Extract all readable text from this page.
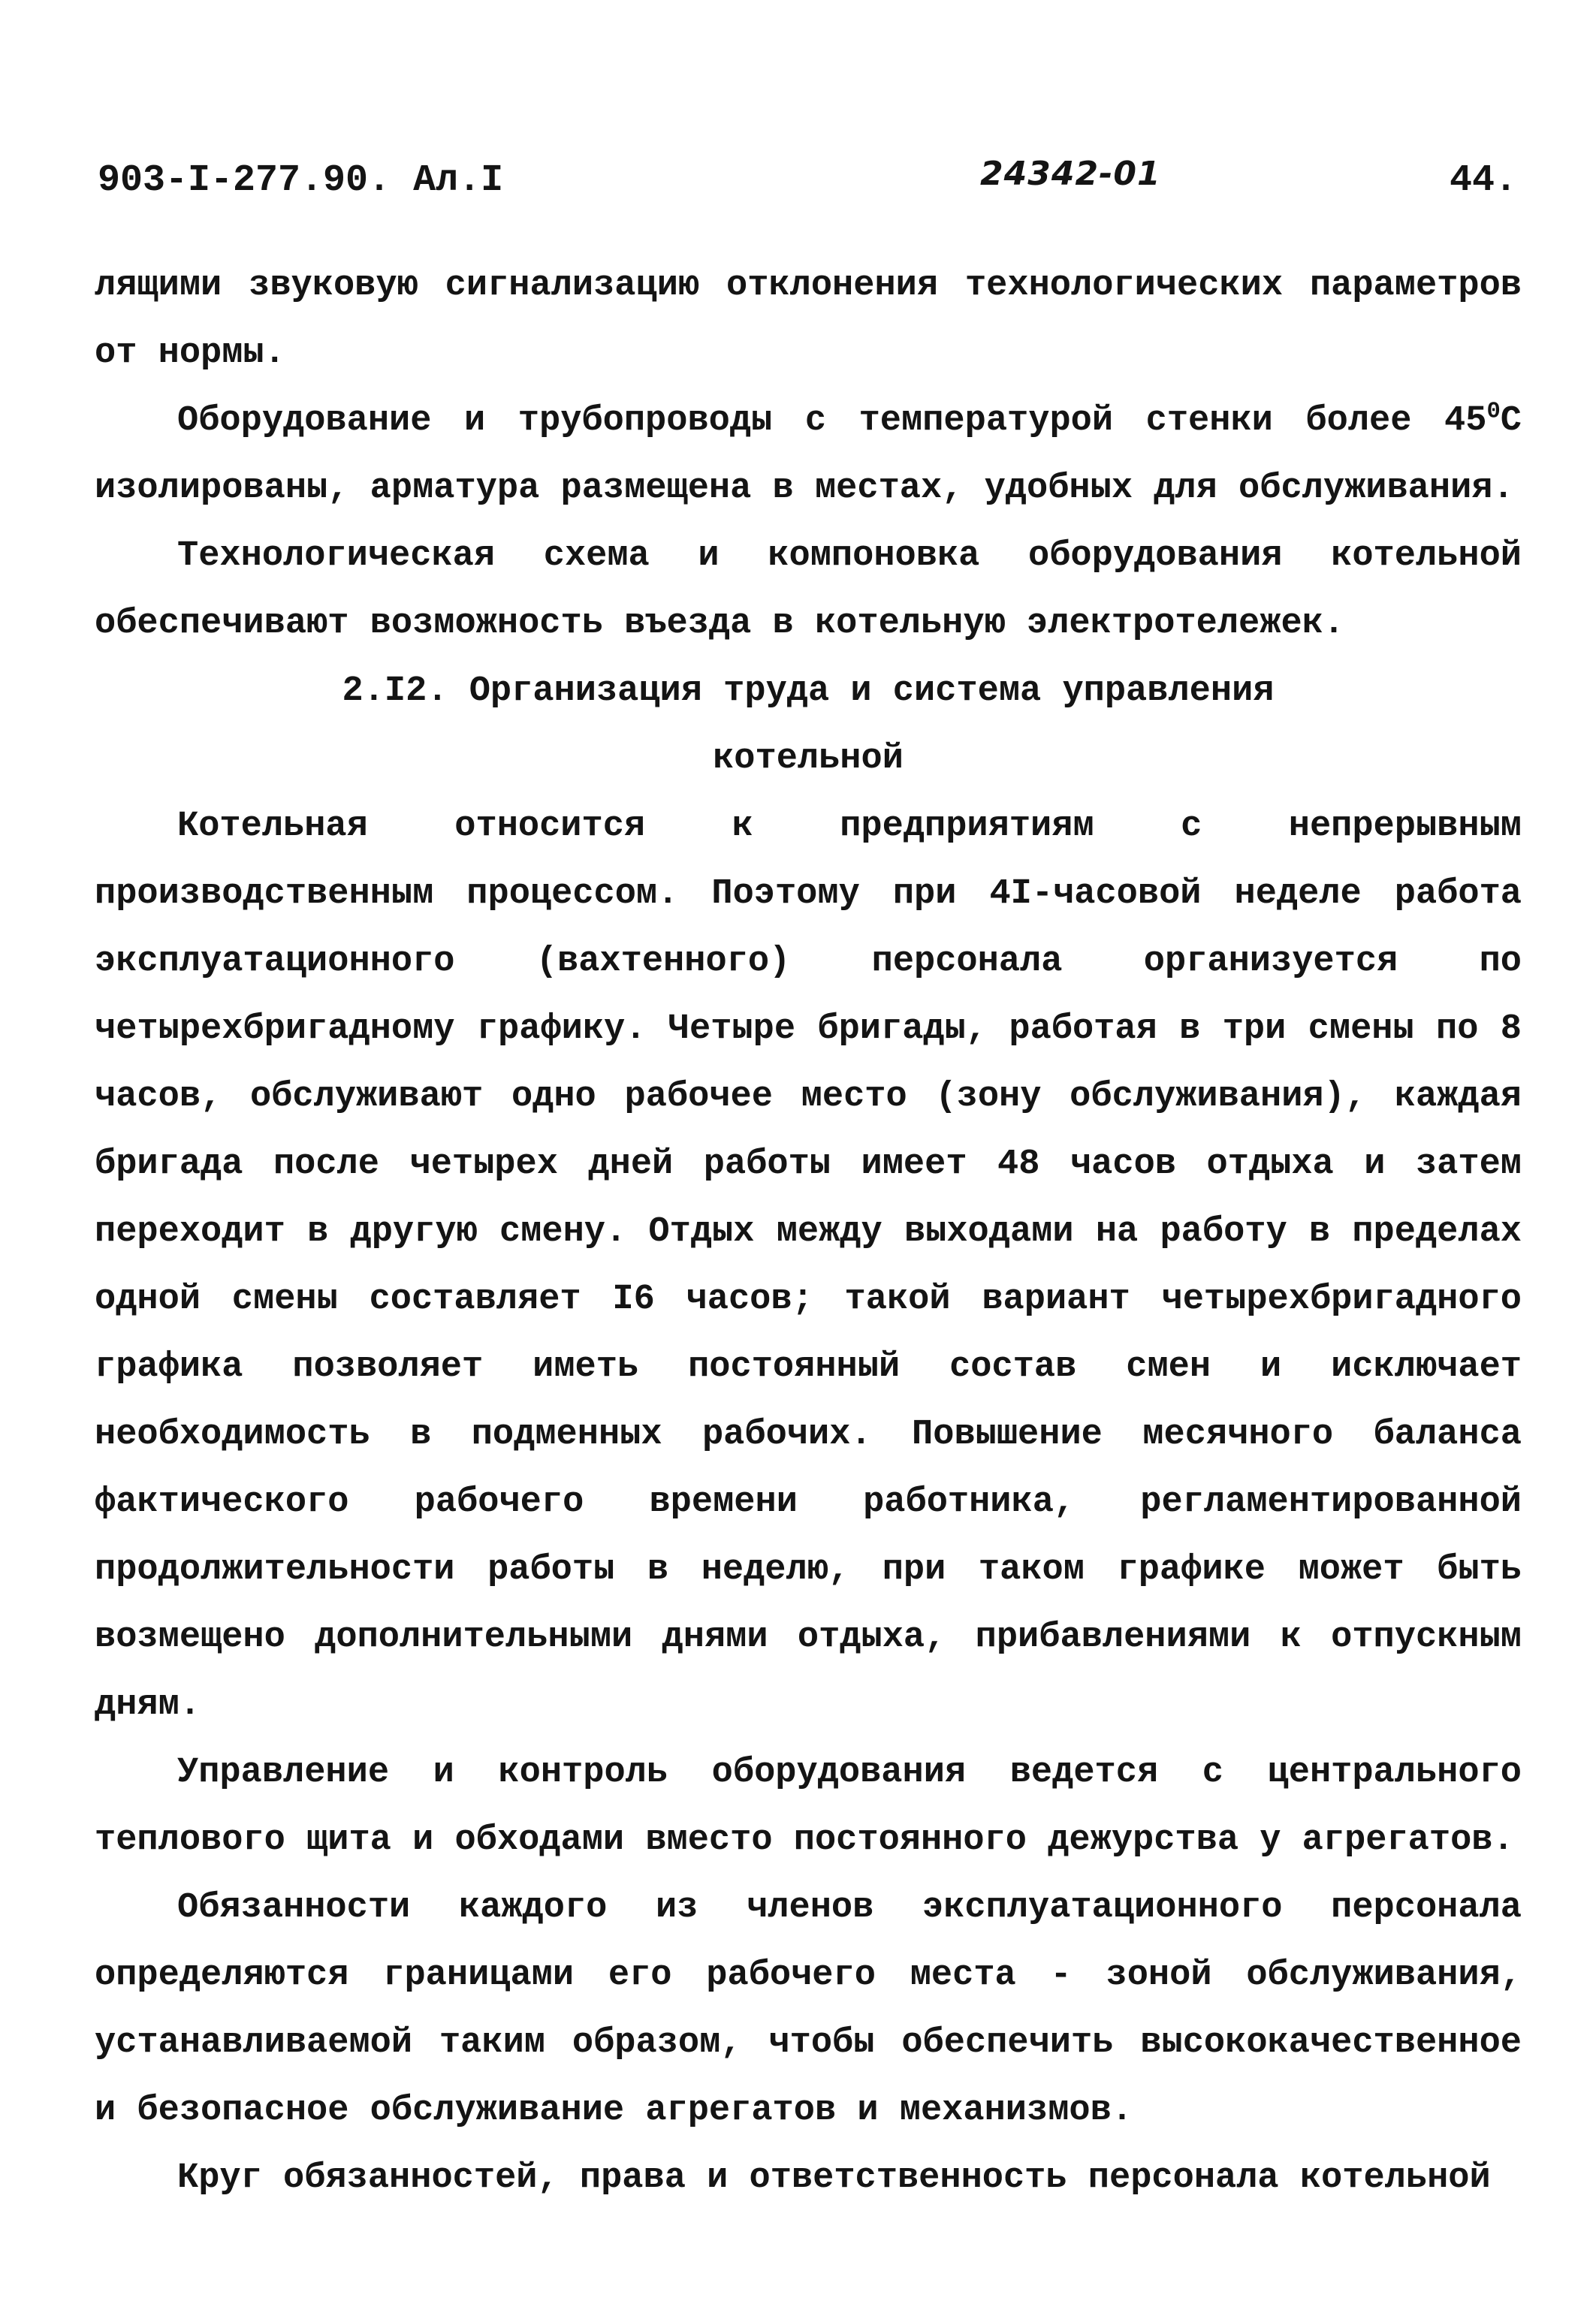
903-I-277.90. Ал.I	24342-01	44.

лящими звуковую сигнализацию отклонения технологических параметров от нормы.

Оборудование и трубопроводы с температурой стенки более $45^0С$ изолированы, арматура размещена в местах, удобных для обслуживания.

Технологическая схема и компоновка оборудования котельной обеспечивают возможность въезда в котельную электротележек.

2.I2. Организация труда и система управления
котельной

Котельная относится к предприятиям с непрерывным производственным процессом. Поэтому при 4I-часовой неделе работа эксплуатационного (вахтенного) персонала организуется по четырехбригадному графику. Четыре бригады, работая в три смены по 8 часов, обслуживают одно рабочее место (зону обслуживания), каждая бригада после четырех дней работы имеет 48 часов отдыха и затем переходит в другую смену. Отдых между выходами на работу в пределах одной смены составляет I6 часов; такой вариант четырехбригадного графика позволяет иметь постоянный состав смен и исключает необходимость в подменных рабочих. Повышение месячного баланса фактического рабочего времени работника, регламентированной продолжительности работы в неделю, при таком графике может быть возмещено дополнительными днями отдыха, прибавлениями к отпускным дням.

Управление и контроль оборудования ведется с центрального теплового щита и обходами вместо постоянного дежурства у агрегатов.

Обязанности каждого из членов эксплуатационного персонала определяются границами его рабочего места - зоной обслуживания, устанавливаемой таким образом, чтобы обеспечить высококачественное и безопасное обслуживание агрегатов и механизмов.

Круг обязанностей, права и ответственность персонала котельной
